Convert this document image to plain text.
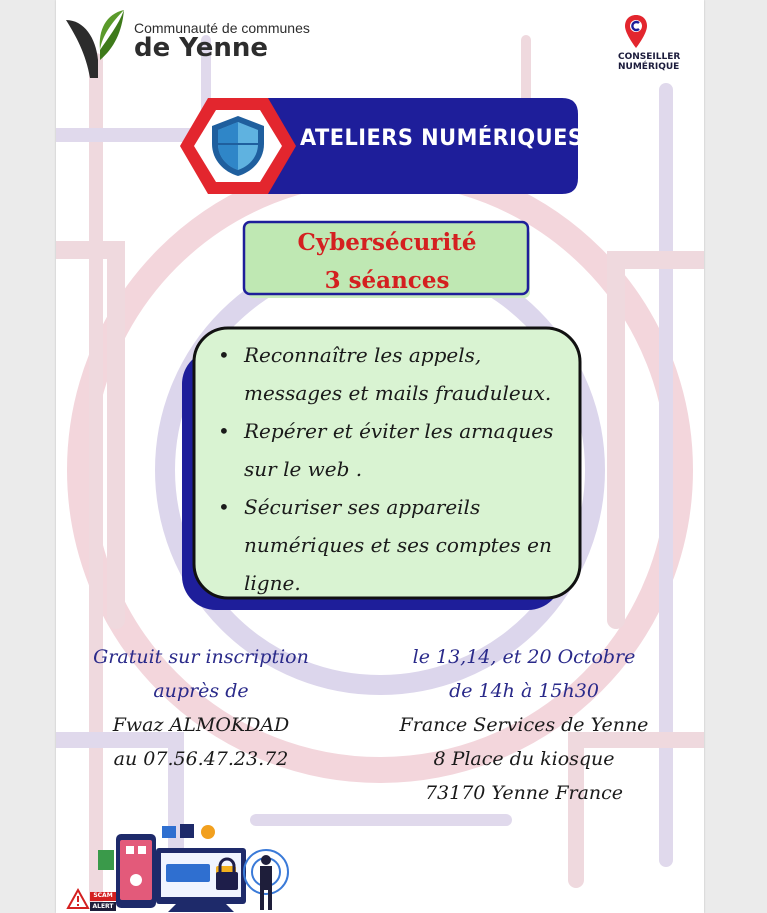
Communauté de communes
de Yenne	CONSEILLER
NUMÉRIQUE
ATELIERS NUMÉRIQUES
Cybersécurité
3 séances
• Reconnaître les appels,
messages et mails frauduleux.
• Repérer et éviter les arnaques
sur le web .
• Sécuriser ses appareils
numériques et ses comptes en
ligne.
Gratuit sur inscription
auprès de
Fwaz ALMOKDAD
au 07.56.47.23.72
le 13,14, et 20 Octobre
de 14h à 15h30
France Services de Yenne
8 Place du kiosque
73170 Yenne France
SCAM
ALERT
